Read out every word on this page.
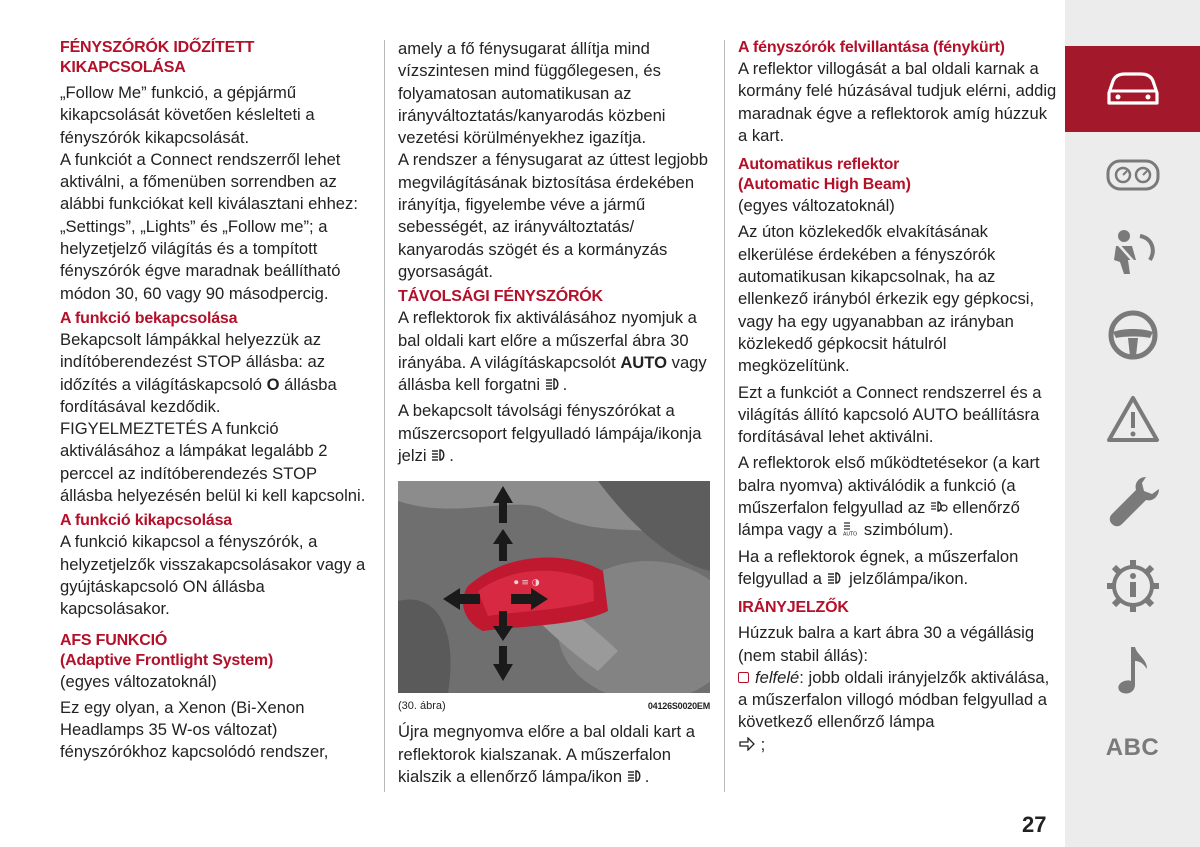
FÉNYSZÓRÓK IDŐZÍTETT KIKAPCSOLÁSA

„Follow Me” funkció, a gépjármű kikapcsolását követően késlelteti a fényszórók kikapcsolását.

A funkciót a Connect rendszerről lehet aktiválni, a főmenüben sorrendben az alábbi funkciókat kell kiválasztani ehhez: „Settings”, „Lights” és „Follow me”; a helyzetjelző világítás és a tompított fényszórók égve maradnak beállítható módon 30, 60 vagy 90 másodpercig.

A funkció bekapcsolása

Bekapcsolt lámpákkal helyezzük az indítóberendezést STOP állásba: az időzítés a világításkapcsoló O állásba fordításával kezdődik.

FIGYELMEZTETÉS A funkció aktiválásához a lámpákat legalább 2 perccel az indítóberendezés STOP állásba helyezésén belül ki kell kapcsolni.

A funkció kikapcsolása

A funkció kikapcsol a fényszórók, a helyzetjelzők visszakapcsolásakor vagy a gyújtáskapcsoló ON állásba kapcsolásakor.

AFS FUNKCIÓ
(Adaptive Frontlight System)

(egyes változatoknál)

Ez egy olyan, a Xenon (Bi-Xenon Headlamps 35 W-os változat) fényszórókhoz kapcsolódó rendszer,

amely a fő fénysugarat állítja mind vízszintesen mind függőlegesen, és folyamatosan automatikusan az irányváltoztatás/kanyarodás közbeni vezetési körülményekhez igazítja.

A rendszer a fénysugarat az úttest legjobb megvilágításának biztosítása érdekében irányítja, figyelembe véve a jármű sebességét, az irányváltoztatás/ kanyarodás szögét és a kormányzás gyorsaságát.

TÁVOLSÁGI FÉNYSZÓRÓK

A reflektorok fix aktiválásához nyomjuk a bal oldali kart előre a műszerfal ábra 30 irányába. A világításkapcsolót AUTO vagy állásba kell forgatni .

A bekapcsolt távolsági fényszórókat a műszercsoport felgyulladó lámpája/ikonja jelzi .

⏺ ≡ ◑
(30. ábra)	04126S0020EM

Újra megnyomva előre a bal oldali kart a reflektorok kialszanak. A műszerfalon kialszik a ellenőrző lámpa/ikon .

A fényszórók felvillantása (fénykürt)

A reflektor villogását a bal oldali karnak a kormány felé húzásával tudjuk elérni, addig maradnak égve a reflektorok amíg húzzuk a kart.

Automatikus reflektor
(Automatic High Beam)

(egyes változatoknál)

Az úton közlekedők elvakításának elkerülése érdekében a fényszórók automatikusan kikapcsolnak, ha az ellenkező irányból érkezik egy gépkocsi, vagy ha egy ugyanabban az irányban közlekedő gépkocsit hátulról megközelítünk.

Ezt a funkciót a Connect rendszerrel és a világítás állító kapcsoló AUTO beállításra fordításával lehet aktiválni.

A reflektorok első működtetésekor (a kart balra nyomva) aktiválódik a funkció (a műszerfalon felgyullad az  ellenőrző lámpa vagy a AUTO szimbólum).

Ha a reflektorok égnek, a műszerfalon felgyullad a  jelzőlámpa/ikon.

IRÁNYJELZŐK

Húzzuk balra a kart ábra 30 a végállásig (nem stabil állás):

felfelé: jobb oldali irányjelzők aktiválása, a műszerfalon villogó módban felgyullad a következő ellenőrző lámpa
;	ABC
27
